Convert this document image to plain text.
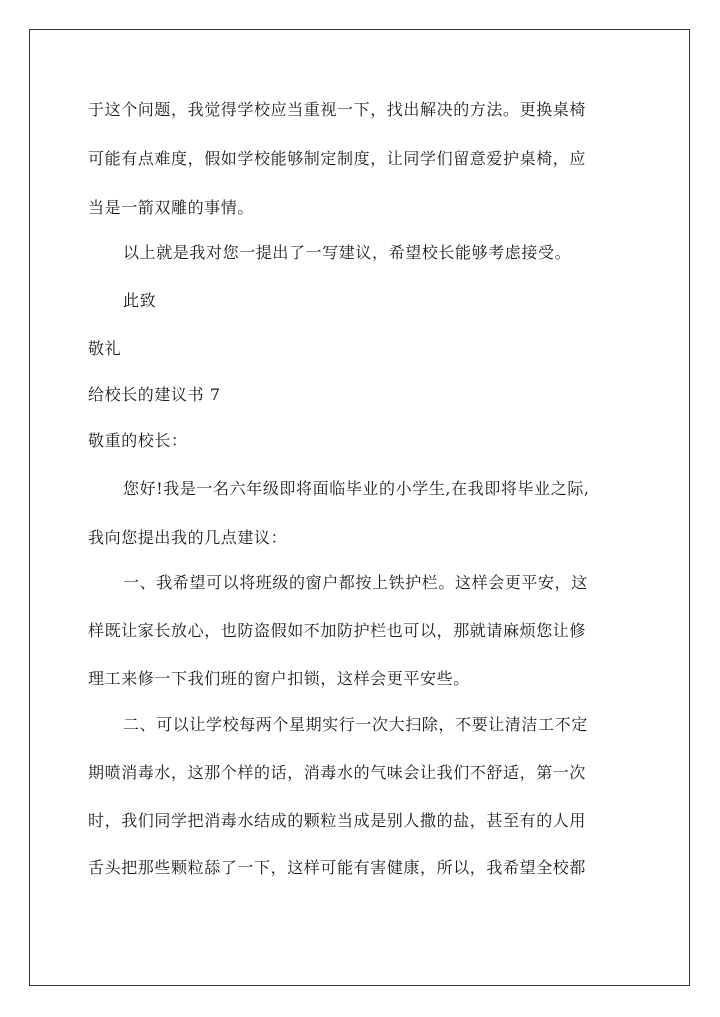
于这个问题，我觉得学校应当重视一下，找出解决的方法。更换桌椅
可能有点难度，假如学校能够制定制度，让同学们留意爱护桌椅，应
当是一箭双雕的事情。
以上就是我对您一提出了一写建议，希望校长能够考虑接受。
此致
敬礼
给校长的建议书 7
敬重的校长：
您好!我是一名六年级即将面临毕业的小学生,在我即将毕业之际,
我向您提出我的几点建议：
一、我希望可以将班级的窗户都按上铁护栏。这样会更平安，这
样既让家长放心，也防盗假如不加防护栏也可以，那就请麻烦您让修
理工来修一下我们班的窗户扣锁，这样会更平安些。
二、可以让学校每两个星期实行一次大扫除，不要让清洁工不定
期喷消毒水，这那个样的话，消毒水的气味会让我们不舒适，第一次
时，我们同学把消毒水结成的颗粒当成是别人撒的盐，甚至有的人用
舌头把那些颗粒舔了一下，这样可能有害健康，所以，我希望全校都
